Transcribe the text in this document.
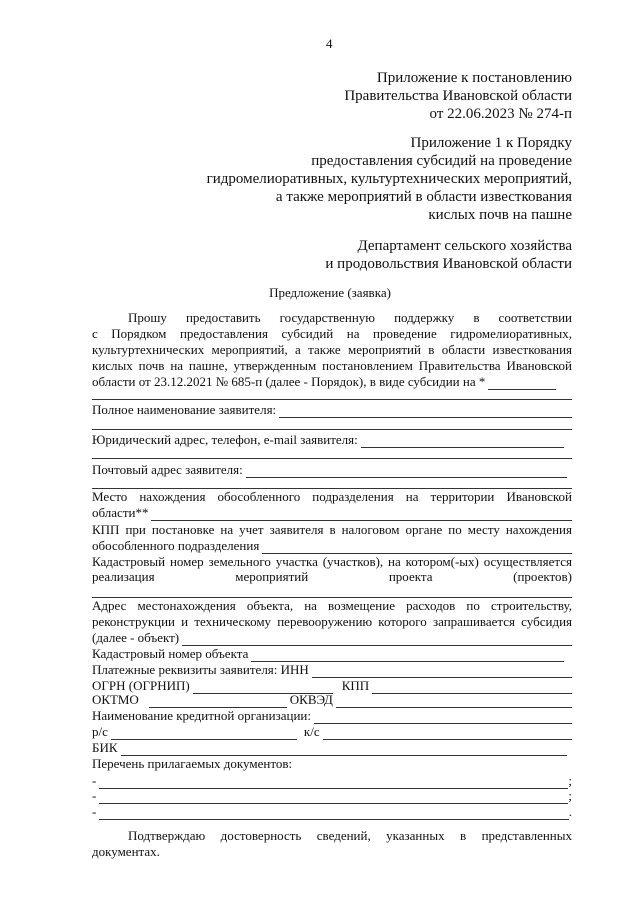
4
Приложение к постановлению
Правительства Ивановской области
от 22.06.2023 № 274-п
Приложение 1 к Порядку
предоставления субсидий на проведение
гидромелиоративных, культуртехнических мероприятий,
а также мероприятий в области известкования
кислых почв на пашне
Департамент сельского хозяйства
и продовольствия Ивановской области
Предложение (заявка)
Прошу предоставить государственную поддержку в соответствии
с Порядком предоставления субсидий на проведение гидромелиоративных,
культуртехнических мероприятий, а также мероприятий в области известкования
кислых почв на пашне, утвержденным постановлением Правительства Ивановской
области от 23.12.2021 № 685-п (далее - Порядок), в виде субсидии на *
Полное наименование заявителя:
Юридический адрес, телефон, e-mail заявителя:
Почтовый адрес заявителя:
Место нахождения обособленного подразделения на территории Ивановской
области**
КПП при постановке на учет заявителя в налоговом органе по месту нахождения
обособленного подразделения
Кадастровый номер земельного участка (участков), на котором(-ых) осуществляется
реализация мероприятий проекта (проектов)
Адрес местонахождения объекта, на возмещение расходов по строительству,
реконструкции и техническому перевооружению которого запрашивается субсидия
(далее - объект)
Кадастровый номер объекта
Платежные реквизиты заявителя: ИНН
ОГРН (ОГРНИП)	КПП
ОКТМО	ОКВЭД
Наименование кредитной организации:
р/с	к/с
БИК
Перечень прилагаемых документов:
-	;
-	;
-	.
Подтверждаю достоверность сведений, указанных в представленных
документах.
